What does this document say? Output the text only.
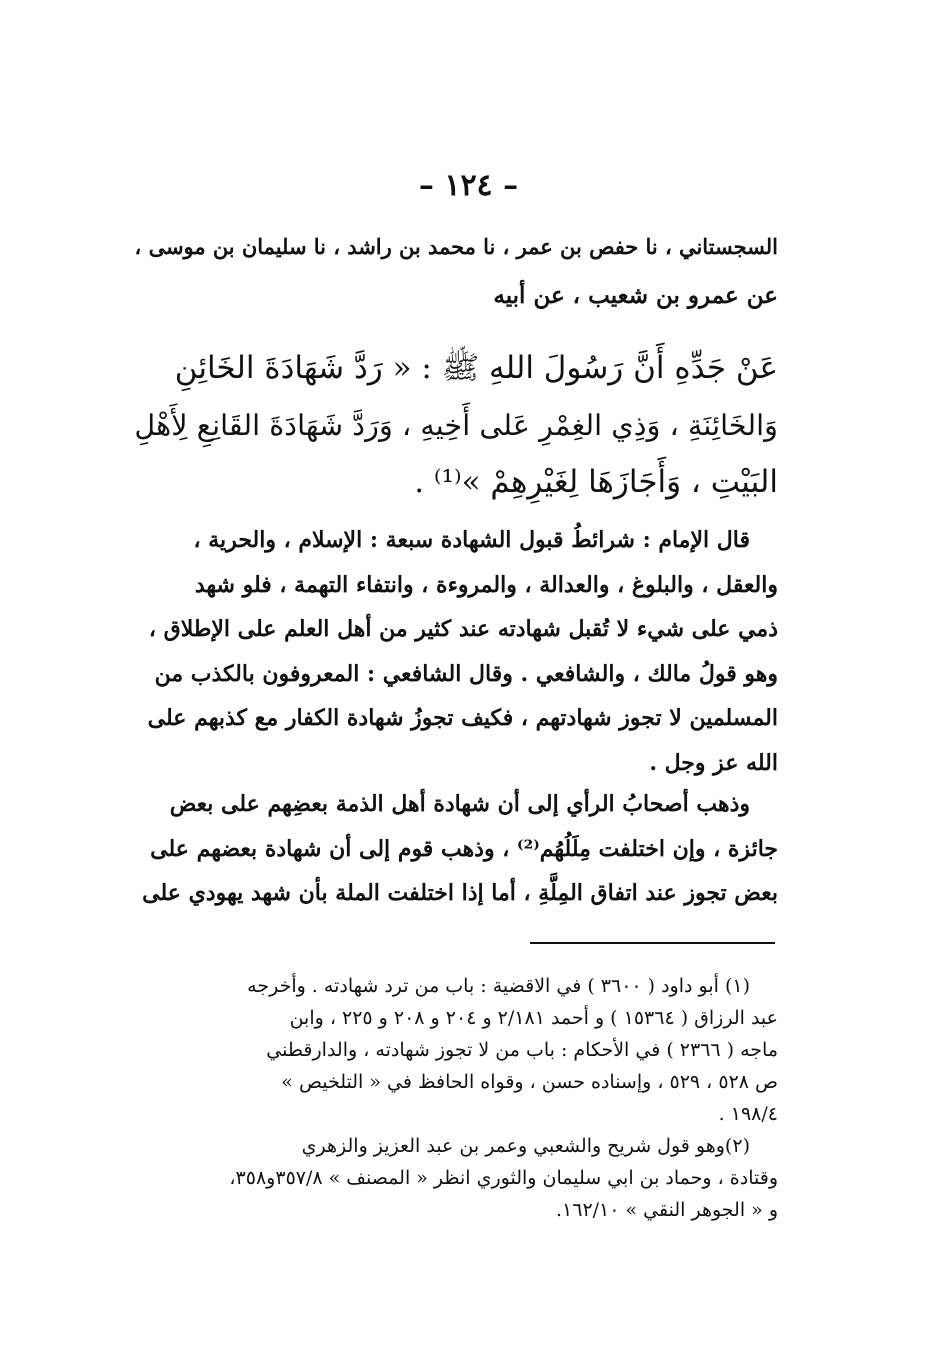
– ١٢٤ –
السجستاني ، نا حفص بن عمر ، نا محمد بن راشد ، نا سليمان بن موسى ،
عن عمرو بن شعيب ، عن أبيه
عَنْ جَدِّهِ أَنَّ رَسُولَ اللهِ ﷺ : « رَدَّ شَهَادَةَ الخَائِنِ
وَالخَائِنَةِ ، وَذِي الغِمْرِ عَلى أَخِيهِ ، وَرَدَّ شَهَادَةَ القَانِعِ لِأَهْلِ
البَيْتِ ، وَأَجَازَهَا لِغَيْرِهِمْ »⁽¹⁾ .
قال الإمام : شرائطُ قبول الشهادة سبعة : الإسلام ، والحرية ،
والعقل ، والبلوغ ، والعدالة ، والمروءة ، وانتفاء التهمة ، فلو شهد
ذمي على شيء لا تُقبل شهادته عند كثير من أهل العلم على الإطلاق ،
وهو قولُ مالك ، والشافعي . وقال الشافعي : المعروفون بالكذب من
المسلمين لا تجوز شهادتهم ، فكيف تجوزُ شهادة الكفار مع كذبهم على
الله عز وجل .
وذهب أصحابُ الرأي إلى أن شهادة أهل الذمة بعضِهم على بعض
جائزة ، وإن اختلفت مِلَلُهُم⁽²⁾ ، وذهب قوم إلى أن شهادة بعضهم على
بعض تجوز عند اتفاق المِلَّةِ ، أما إذا اختلفت الملة بأن شهد يهودي على
(١) أبو داود ( ٣٦٠٠ ) في الاقضية : باب من ترد شهادته . وأخرجه
عبد الرزاق ( ١٥٣٦٤ ) و أحمد ٢/١٨١ و ٢٠٤ و ٢٠٨ و ٢٢٥ ، وابن
ماجه ( ٢٣٦٦ ) في الأحكام : باب من لا تجوز شهادته ، والدارقطني
ص ٥٢٨ ، ٥٢٩ ، وإسناده حسن ، وقواه الحافظ في « التلخيص »
١٩٨/٤ .
(٢)وهو قول شريح والشعبي وعمر بن عبد العزيز والزهري
وقتادة ، وحماد بن ابي سليمان والثوري انظر « المصنف » ٣٥٧/٨و٣٥٨،
و « الجوهر النقي » ١٦٢/١٠.
